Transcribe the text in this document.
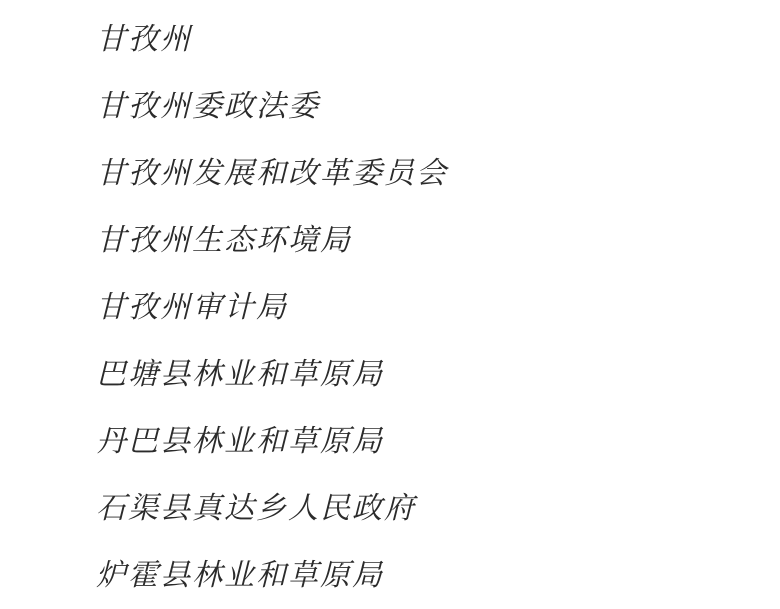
甘孜州
甘孜州委政法委
甘孜州发展和改革委员会
甘孜州生态环境局
甘孜州审计局
巴塘县林业和草原局
丹巴县林业和草原局
石渠县真达乡人民政府
炉霍县林业和草原局
